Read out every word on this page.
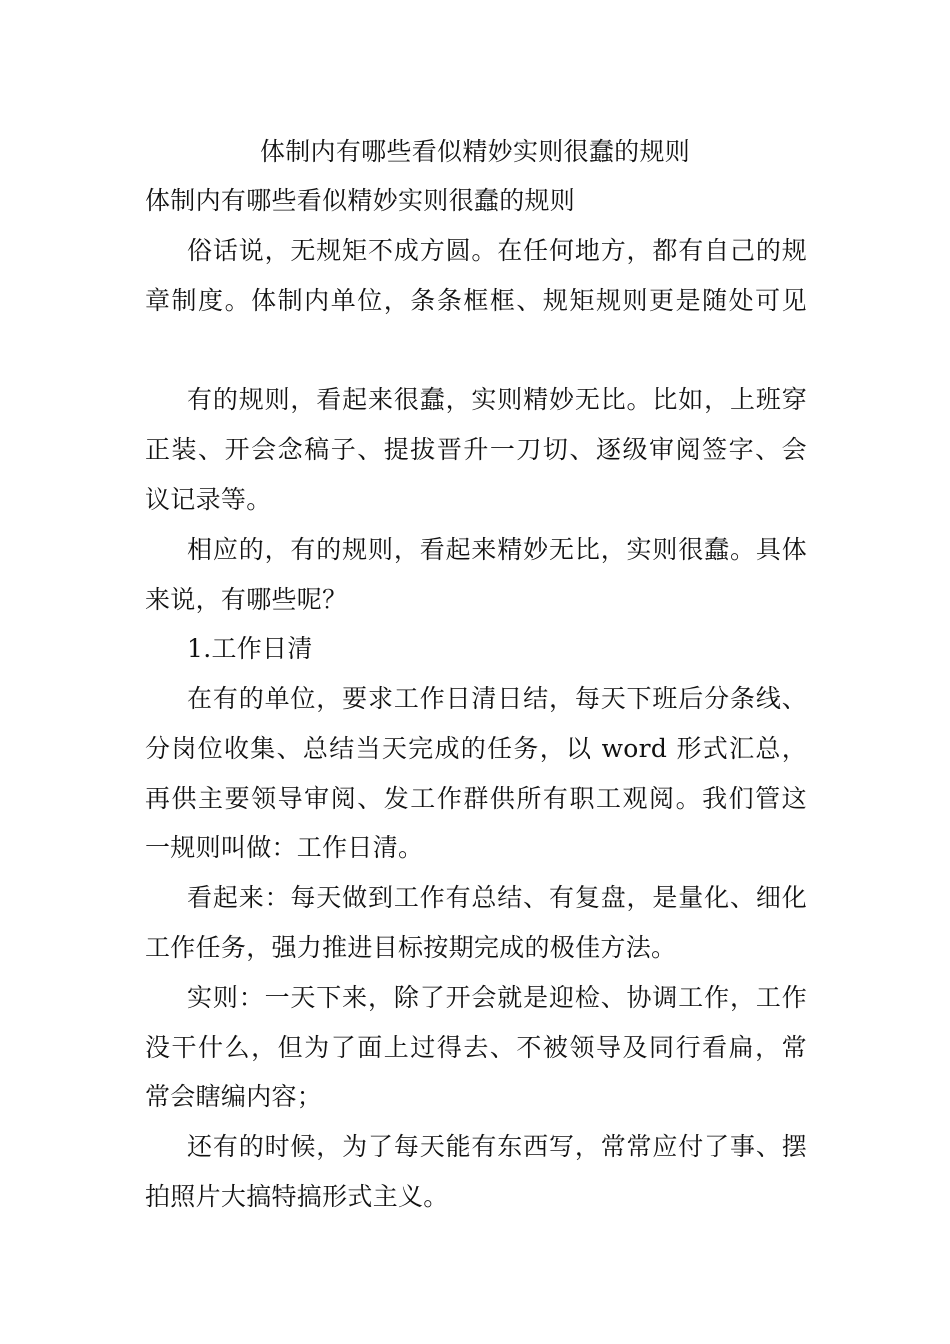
体制内有哪些看似精妙实则很蠢的规则
体制内有哪些看似精妙实则很蠢的规则
俗话说，无规矩不成方圆。在任何地方，都有自己的规
章制度。体制内单位，条条框框、规矩规则更是随处可见
有的规则，看起来很蠢，实则精妙无比。比如，上班穿
正装、开会念稿子、提拔晋升一刀切、逐级审阅签字、会
议记录等。
相应的，有的规则，看起来精妙无比，实则很蠢。具体
来说，有哪些呢？
1.工作日清
在有的单位，要求工作日清日结，每天下班后分条线、
分岗位收集、总结当天完成的任务，以 word 形式汇总，
再供主要领导审阅、发工作群供所有职工观阅。我们管这
一规则叫做：工作日清。
看起来：每天做到工作有总结、有复盘，是量化、细化
工作任务，强力推进目标按期完成的极佳方法。
实则：一天下来，除了开会就是迎检、协调工作，工作
没干什么，但为了面上过得去、不被领导及同行看扁，常
常会瞎编内容；
还有的时候，为了每天能有东西写，常常应付了事、摆
拍照片大搞特搞形式主义。
